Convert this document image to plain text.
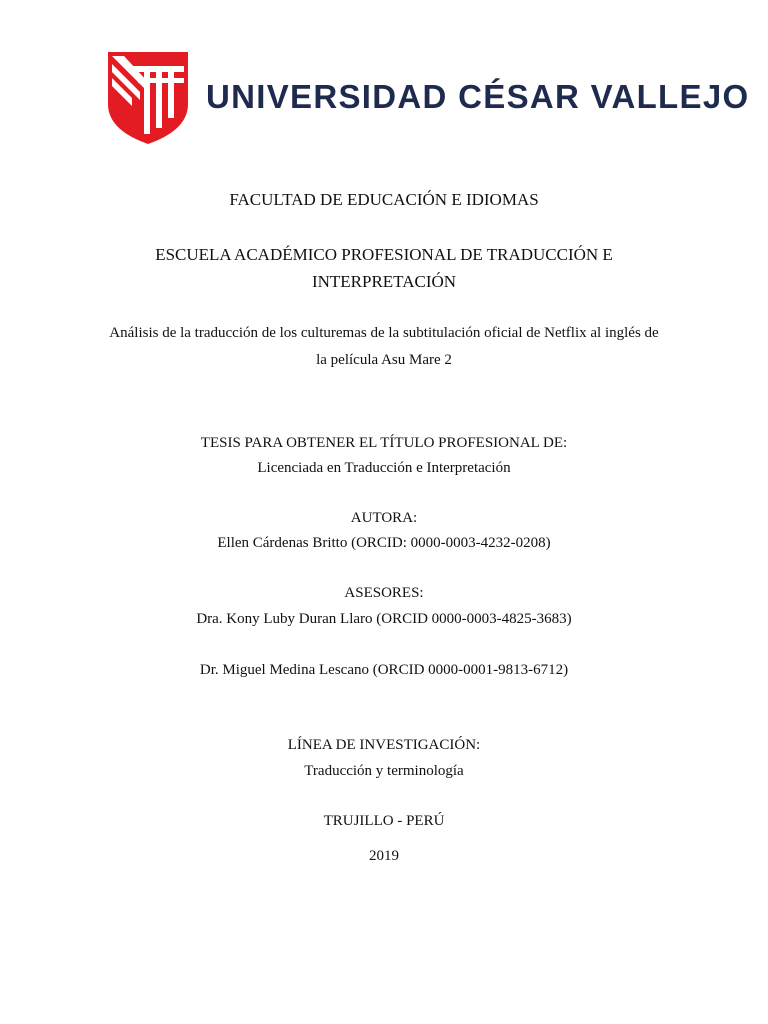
UNIVERSIDAD CÉSAR VALLEJO
FACULTAD DE EDUCACIÓN E IDIOMAS
ESCUELA ACADÉMICO PROFESIONAL DE TRADUCCIÓN E
INTERPRETACIÓN
Análisis de la traducción de los culturemas de la subtitulación oficial de Netflix al inglés de
la película Asu Mare 2
TESIS PARA OBTENER EL TÍTULO PROFESIONAL DE:
Licenciada en Traducción e Interpretación
AUTORA:
Ellen Cárdenas Britto (ORCID: 0000-0003-4232-0208)
ASESORES:
Dra. Kony Luby Duran Llaro (ORCID 0000-0003-4825-3683)
Dr. Miguel Medina Lescano (ORCID 0000-0001-9813-6712)
LÍNEA DE INVESTIGACIÓN:
Traducción y terminología
TRUJILLO - PERÚ
2019
